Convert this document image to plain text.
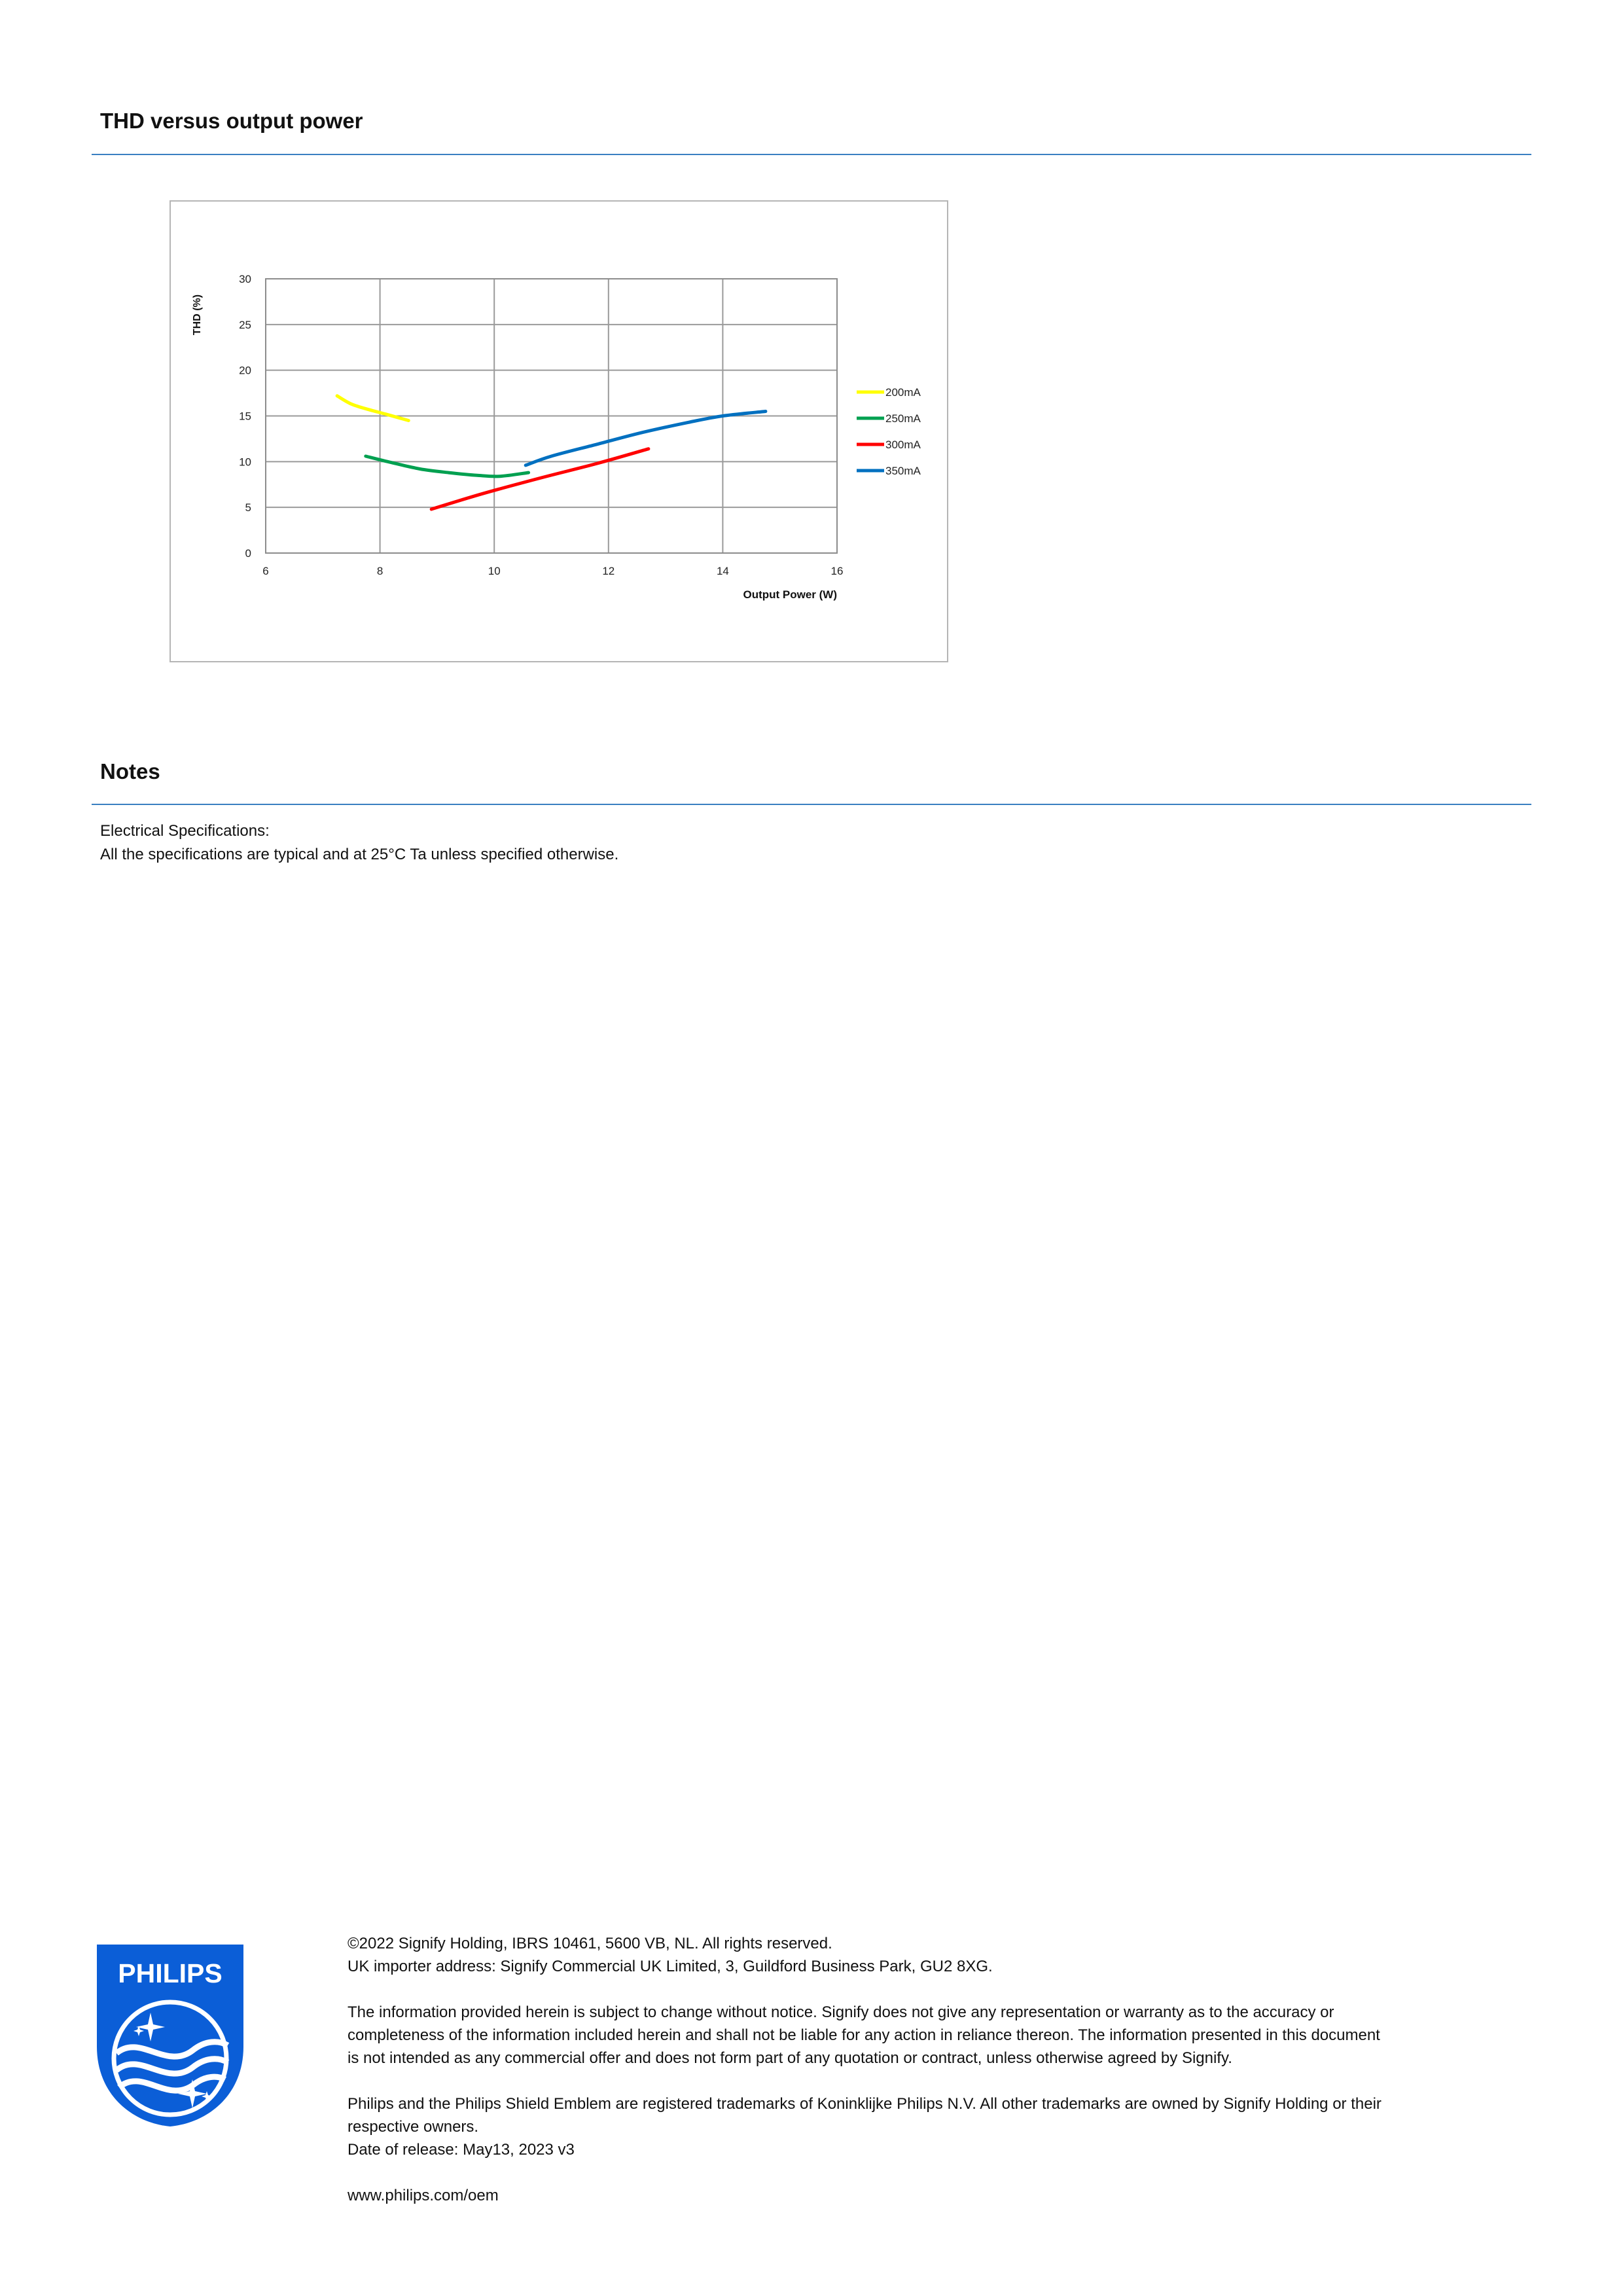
THD versus output power
6	8	10	12	14	16
0
5
10
15
20
25
30
Output Power (W)
THD (%)
200mA
250mA
300mA
350mA
Notes

Electrical Specifications:

All the specifications are typical and at 25°C Ta unless specified otherwise.

PHILIPS

©2022 Signify Holding, IBRS 10461, 5600 VB, NL. All rights reserved.

UK importer address: Signify Commercial UK Limited, 3, Guildford Business Park, GU2 8XG.

The information provided herein is subject to change without notice. Signify does not give any representation or warranty as to the accuracy or

completeness of the information included herein and shall not be liable for any action in reliance thereon. The information presented in this document

is not intended as any commercial offer and does not form part of any quotation or contract, unless otherwise agreed by Signify.

Philips and the Philips Shield Emblem are registered trademarks of Koninklijke Philips N.V. All other trademarks are owned by Signify Holding or their

respective owners.

Date of release: May13, 2023 v3

www.philips.com/oem
